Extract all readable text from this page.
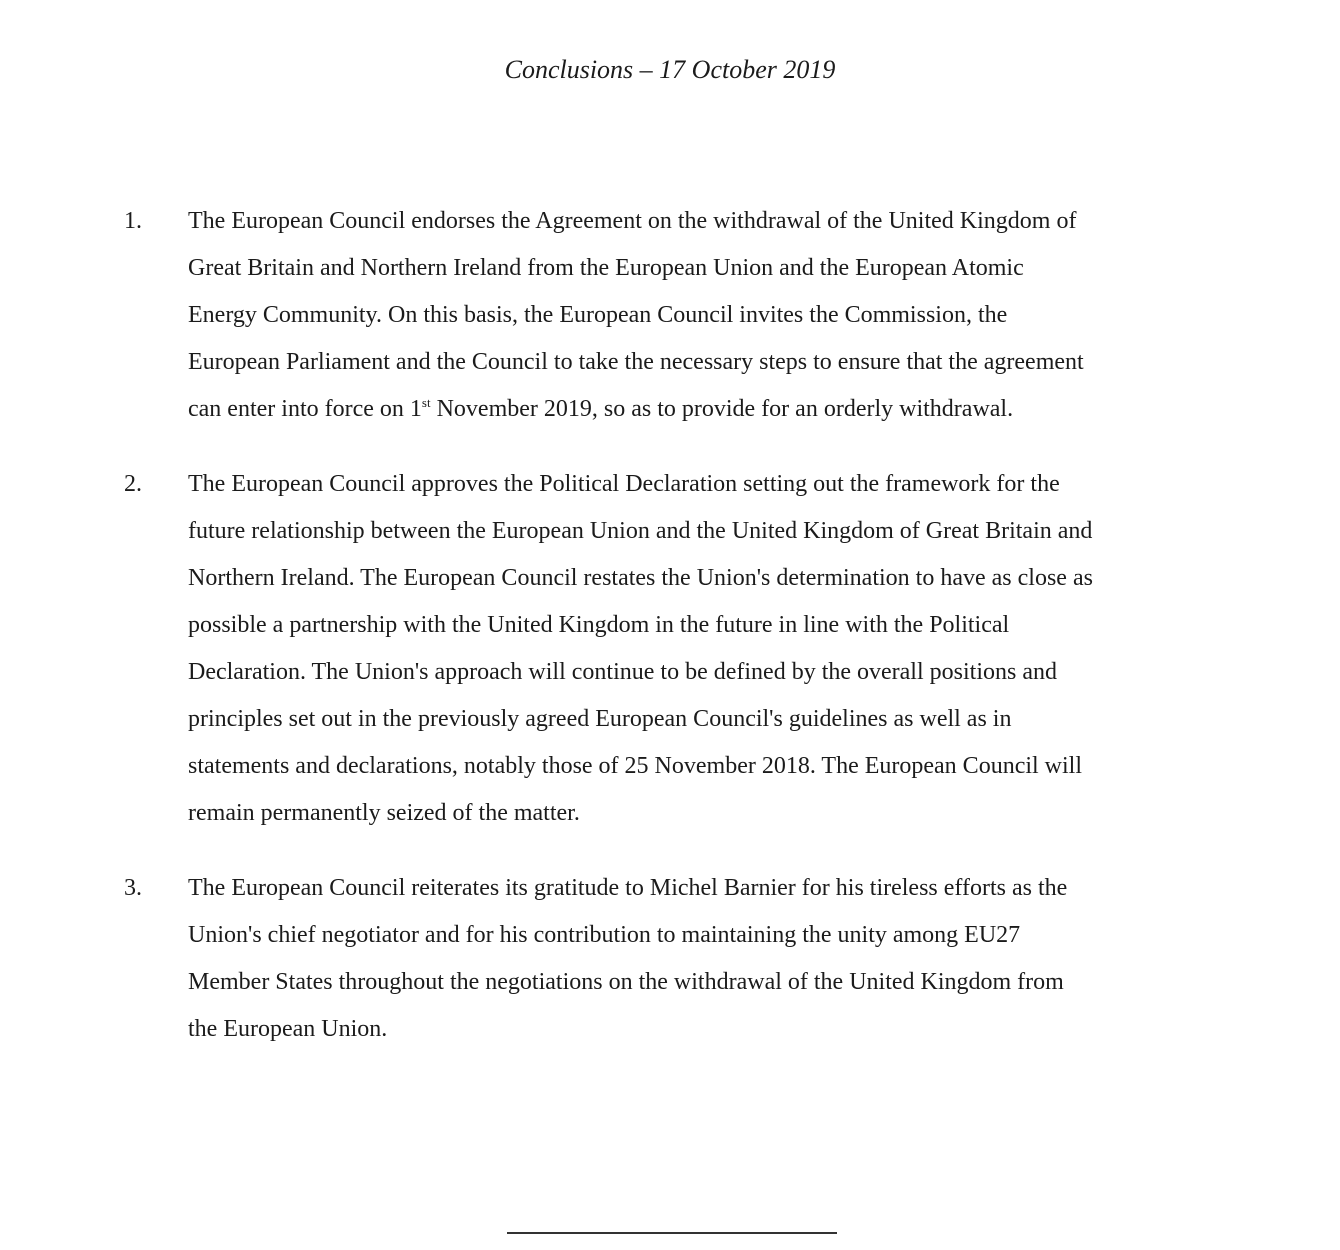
Conclusions – 17 October 2019
1. The European Council endorses the Agreement on the withdrawal of the United Kingdom of
Great Britain and Northern Ireland from the European Union and the European Atomic
Energy Community. On this basis, the European Council invites the Commission, the
European Parliament and the Council to take the necessary steps to ensure that the agreement
can enter into force on 1st November 2019, so as to provide for an orderly withdrawal.
2. The European Council approves the Political Declaration setting out the framework for the
future relationship between the European Union and the United Kingdom of Great Britain and
Northern Ireland. The European Council restates the Union's determination to have as close as
possible a partnership with the United Kingdom in the future in line with the Political
Declaration. The Union's approach will continue to be defined by the overall positions and
principles set out in the previously agreed European Council's guidelines as well as in
statements and declarations, notably those of 25 November 2018. The European Council will
remain permanently seized of the matter.
3. The European Council reiterates its gratitude to Michel Barnier for his tireless efforts as the
Union's chief negotiator and for his contribution to maintaining the unity among EU27
Member States throughout the negotiations on the withdrawal of the United Kingdom from
the European Union.
